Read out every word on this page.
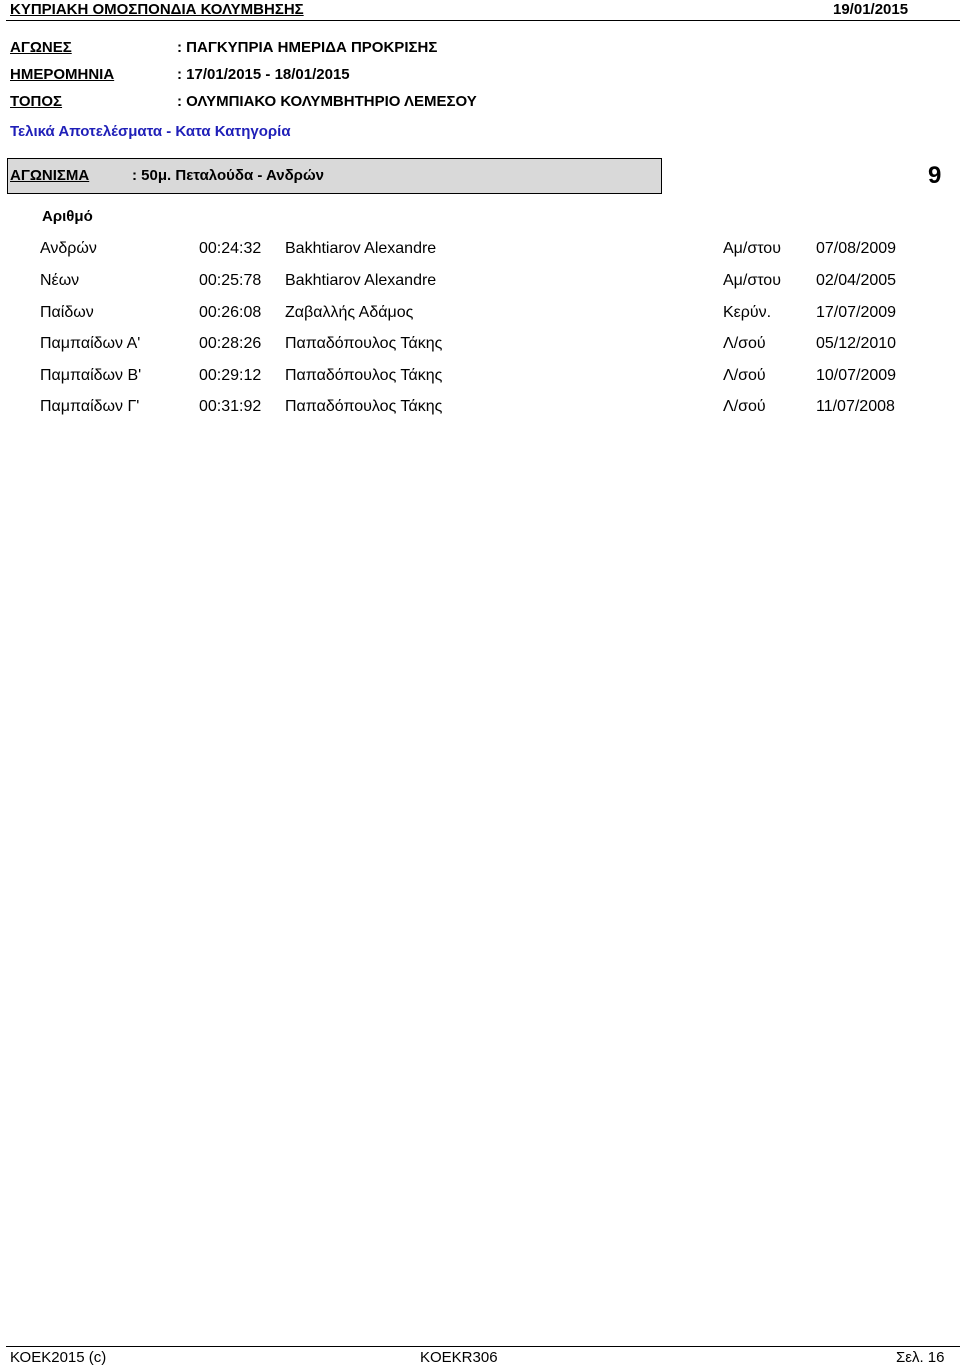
ΚΥΠΡΙΑΚΗ ΟΜΟΣΠΟΝΔΙΑ ΚΟΛΥΜΒΗΣΗΣ	19/01/2015
ΑΓΩΝΕΣ	: ΠΑΓΚΥΠΡΙΑ ΗΜΕΡΙΔΑ ΠΡΟΚΡΙΣΗΣ
ΗΜΕΡΟΜΗΝΙΑ	: 17/01/2015 - 18/01/2015
ΤΟΠΟΣ	: ΟΛΥΜΠΙΑΚΟ ΚΟΛΥΜΒΗΤΗΡΙΟ ΛΕΜΕΣΟΥ
Τελικά Αποτελέσματα - Κατα Κατηγορία
ΑΓΩΝΙΣΜΑ	: 50μ. Πεταλούδα - Ανδρών	9
Αριθμό
Ανδρών	00:24:32 Bakhtiarov Alexandre	Αμ/στου 07/08/2009
Νέων	00:25:78 Bakhtiarov Alexandre	Αμ/στου 02/04/2005
Παίδων	00:26:08 Ζαβαλλής Αδάμος	Κερύν.	17/07/2009
Παμπαίδων Α'	00:28:26 Παπαδόπουλος Τάκης	Λ/σού	05/12/2010
Παμπαίδων Β'	00:29:12 Παπαδόπουλος Τάκης	Λ/σού	10/07/2009
Παμπαίδων Γ'	00:31:92 Παπαδόπουλος Τάκης	Λ/σού	11/07/2008
ΚΟΕΚ2015 (c)	KOEKR306	Σελ. 16
